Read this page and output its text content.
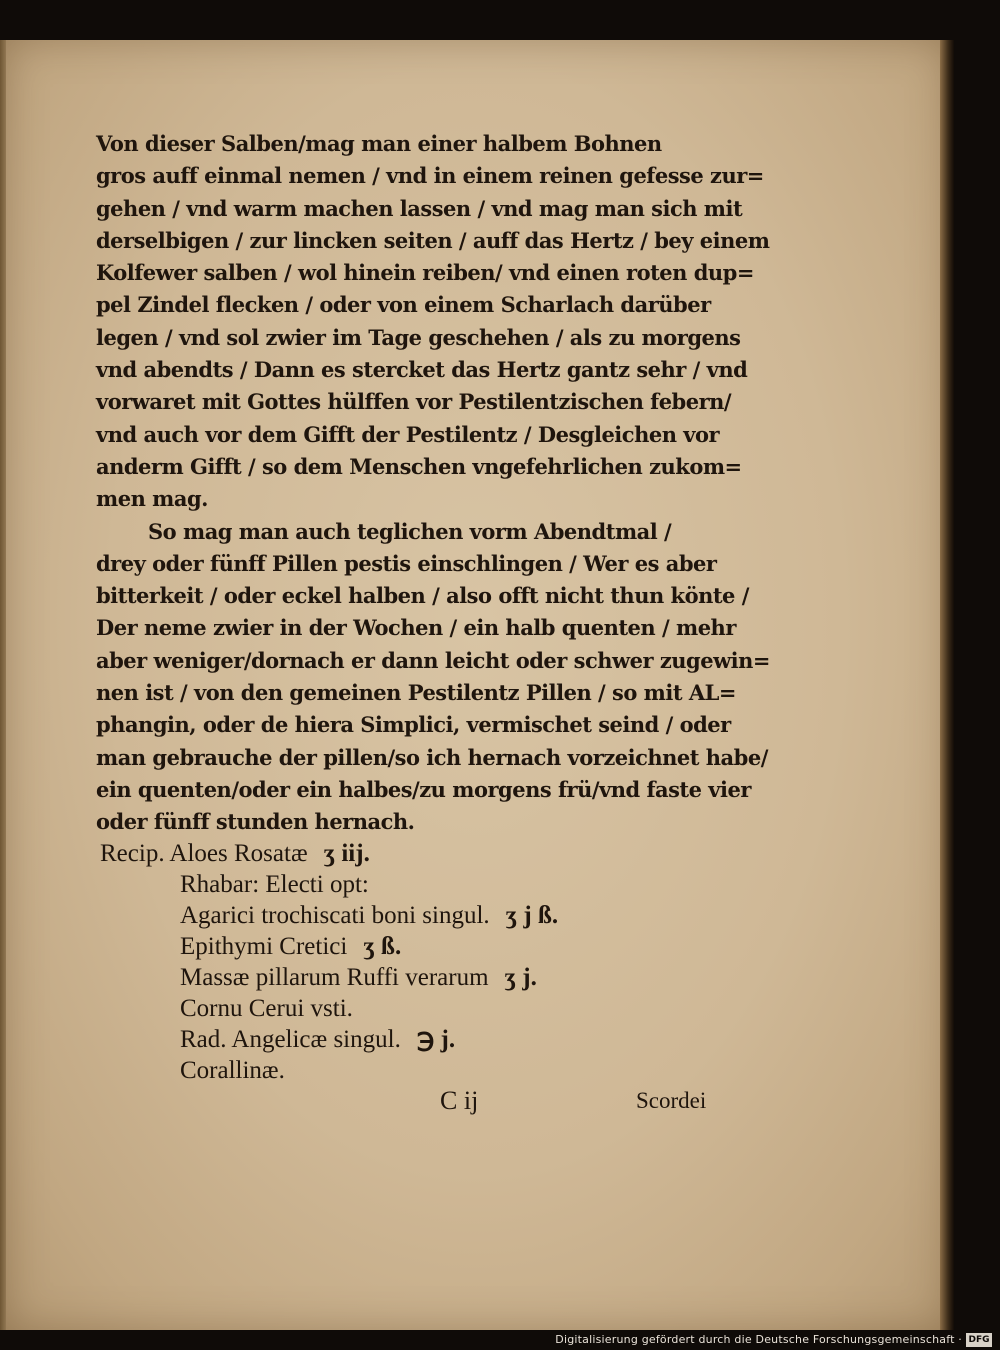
Von dieser Salben/mag man einer halbem Bohnen
gros auff einmal nemen / vnd in einem reinen gefesse zur=
gehen / vnd warm machen lassen / vnd mag man sich mit
derselbigen / zur lincken seiten / auff das Hertz / bey einem
Kolfewer salben / wol hinein reiben/ vnd einen roten dup=
pel Zindel flecken / oder von einem Scharlach darüber
legen / vnd sol zwier im Tage geschehen / als zu morgens
vnd abendts / Dann es stercket das Hertz gantz sehr / vnd
vorwaret mit Gottes hülffen vor Pestilentzischen febern/
vnd auch vor dem Gifft der Pestilentz / Desgleichen vor
anderm Gifft / so dem Menschen vngefehrlichen zukom=
men mag.
So mag man auch teglichen vorm Abendtmal /
drey oder fünff Pillen pestis einschlingen / Wer es aber
bitterkeit / oder eckel halben / also offt nicht thun könte /
Der neme zwier in der Wochen / ein halb quenten / mehr
aber weniger/dornach er dann leicht oder schwer zugewin=
nen ist / von den gemeinen Pestilentz Pillen / so mit AL=
phangin, oder de hiera Simplici, vermischet seind / oder
man gebrauche der pillen/so ich hernach vorzeichnet habe/
ein quenten/oder ein halbes/zu morgens frü/vnd faste vier
oder fünff stunden hernach.
Recip. Aloes Rosatæ ʒ iij.
Rhabar: Electi opt:
Agarici trochiscati boni singul. ʒ j ß.
Epithymi Cretici ʒ ß.
Massæ pillarum Ruffi verarum ʒ j.
Cornu Cerui vsti.
Rad. Angelicæ singul. ℈ j.
Corallinæ.
C ij	Scordei
Digitalisierung gefördert durch die Deutsche Forschungsgemeinschaft · DFG
